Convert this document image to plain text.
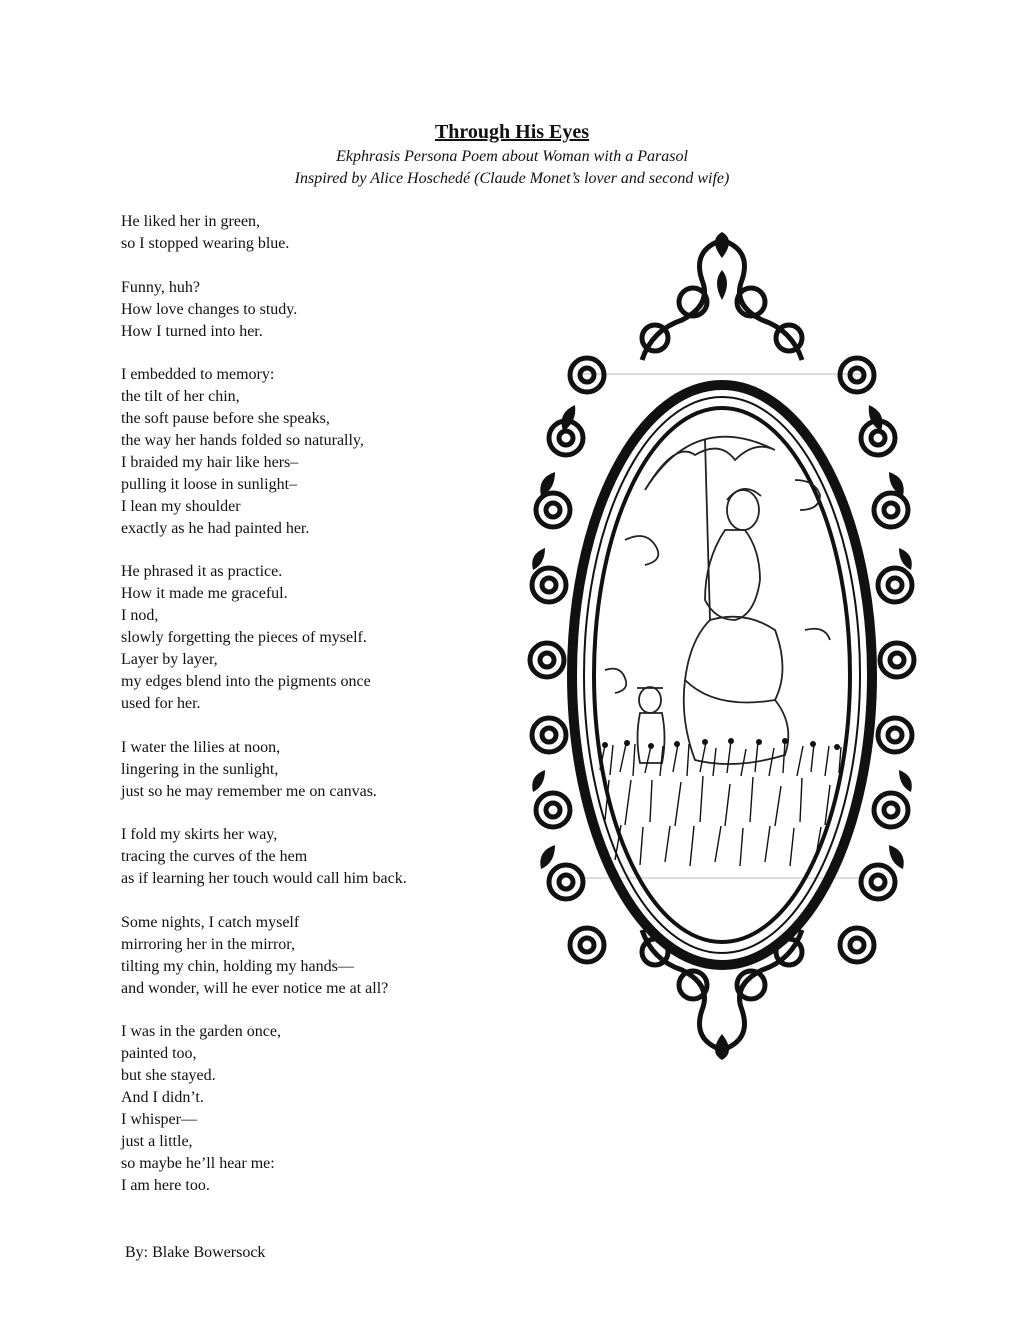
Through His Eyes
Ekphrasis Persona Poem about Woman with a Parasol
Inspired by Alice Hoschedé (Claude Monet’s lover and second wife)
He liked her in green,
so I stopped wearing blue.
Funny, huh?
How love changes to study.
How I turned into her.
I embedded to memory:
the tilt of her chin,
the soft pause before she speaks,
the way her hands folded so naturally,
I braided my hair like hers–
pulling it loose in sunlight–
I lean my shoulder
exactly as he had painted her.
He phrased it as practice.
How it made me graceful.
I nod,
slowly forgetting the pieces of myself.
Layer by layer,
my edges blend into the pigments once
used for her.
I water the lilies at noon,
lingering in the sunlight,
just so he may remember me on canvas.
I fold my skirts her way,
tracing the curves of the hem
as if learning her touch would call him back.
Some nights, I catch myself
mirroring her in the mirror,
tilting my chin, holding my hands—
and wonder, will he ever notice me at all?
I was in the garden once,
painted too,
but she stayed.
And I didn’t.
I whisper—
just a little,
so maybe he’ll hear me:
I am here too.
By: Blake Bowersock
